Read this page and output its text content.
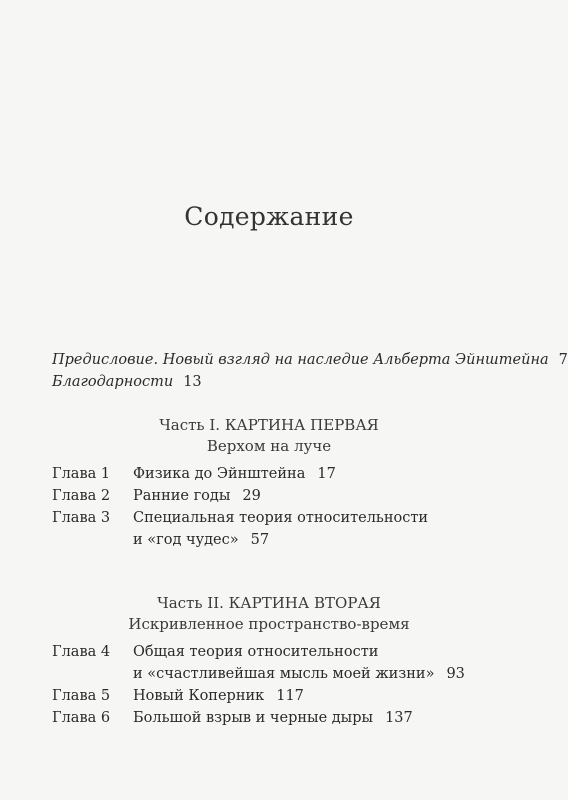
Содержание
Предисловие. Новый взгляд на наследие Альберта Эйнштейна 7
Благодарности 13
Часть I. КАРТИНА ПЕРВАЯ
Верхом на луче
Глава 1 Физика до Эйнштейна 17
Глава 2 Ранние годы 29
Глава 3 Специальная теория относительности
и «год чудес» 57
Часть II. КАРТИНА ВТОРАЯ
Искривленное пространство-время
Глава 4 Общая теория относительности
и «счастливейшая мысль моей жизни» 93
Глава 5 Новый Коперник 117
Глава 6 Большой взрыв и черные дыры 137
